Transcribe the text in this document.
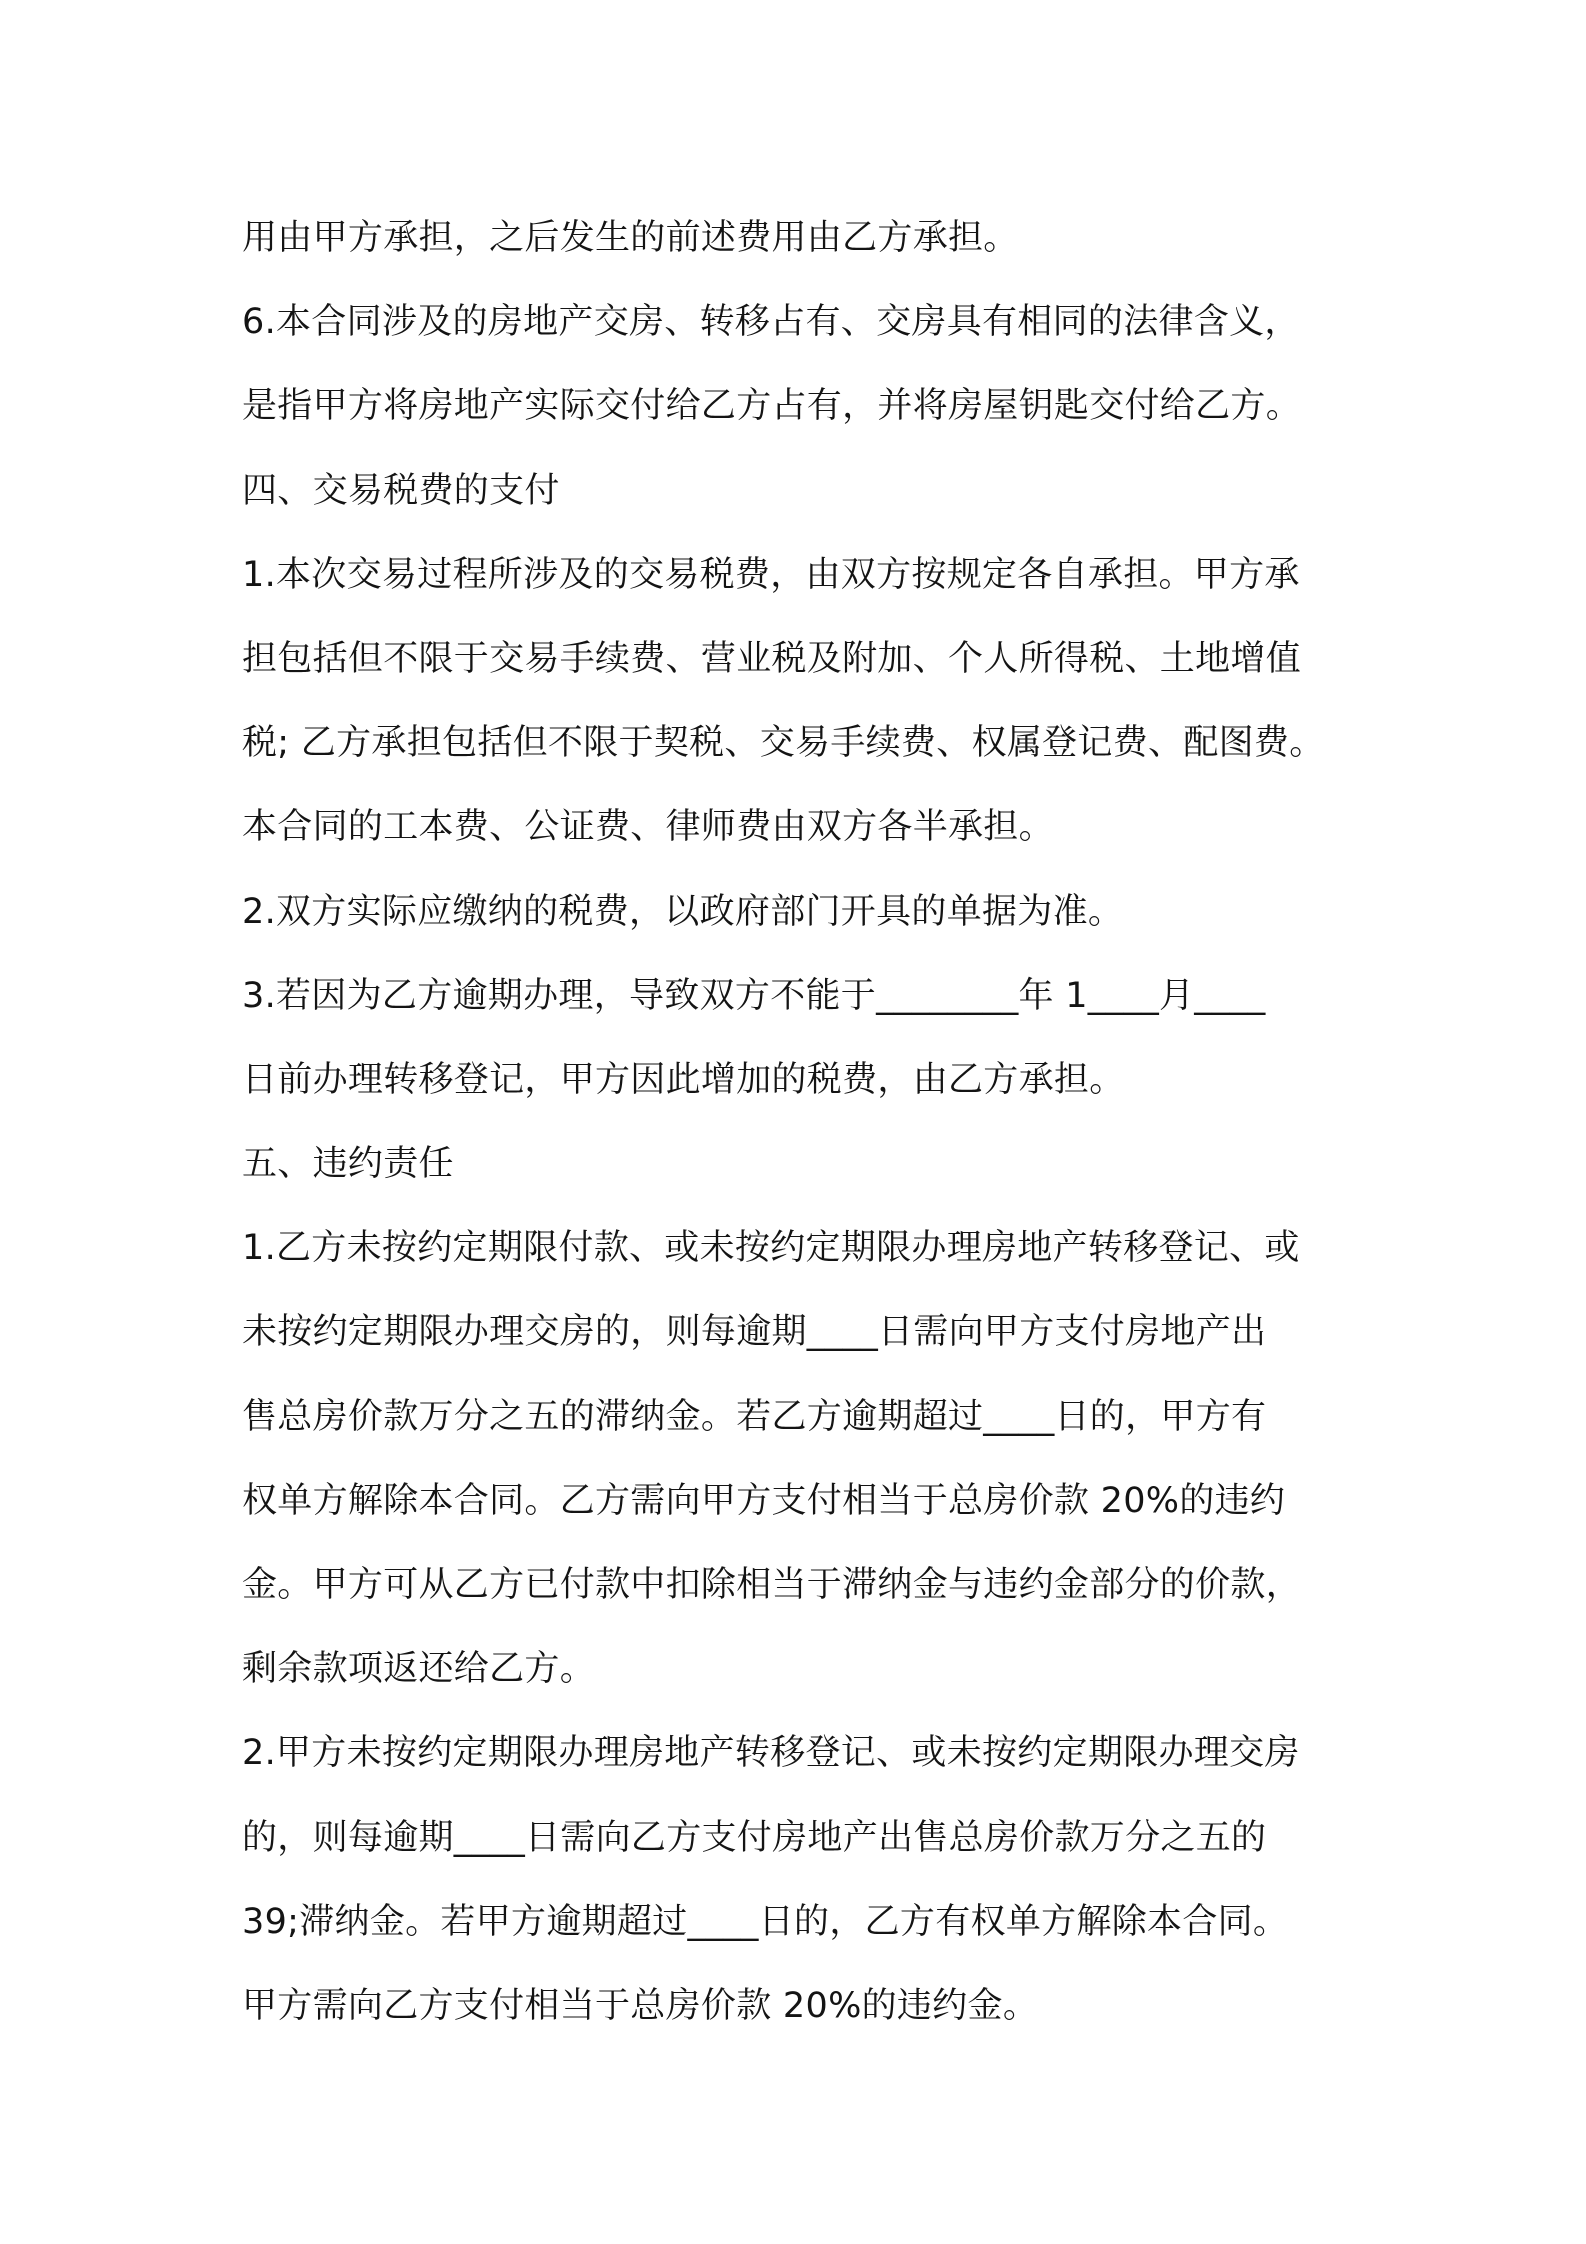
用由甲方承担，之后发生的前述费用由乙方承担。
6.本合同涉及的房地产交房、转移占有、交房具有相同的法律含义，
是指甲方将房地产实际交付给乙方占有，并将房屋钥匙交付给乙方。
四、交易税费的支付
1.本次交易过程所涉及的交易税费，由双方按规定各自承担。甲方承
担包括但不限于交易手续费、营业税及附加、个人所得税、土地增值
税; 乙方承担包括但不限于契税、交易手续费、权属登记费、配图费。
本合同的工本费、公证费、律师费由双方各半承担。
2.双方实际应缴纳的税费，以政府部门开具的单据为准。
3.若因为乙方逾期办理，导致双方不能于________年 1____月____
日前办理转移登记，甲方因此增加的税费，由乙方承担。
五、违约责任
1.乙方未按约定期限付款、或未按约定期限办理房地产转移登记、或
未按约定期限办理交房的，则每逾期____日需向甲方支付房地产出
售总房价款万分之五的滞纳金。若乙方逾期超过____日的，甲方有
权单方解除本合同。乙方需向甲方支付相当于总房价款 20%的违约
金。甲方可从乙方已付款中扣除相当于滞纳金与违约金部分的价款，
剩余款项返还给乙方。
2.甲方未按约定期限办理房地产转移登记、或未按约定期限办理交房
的，则每逾期____日需向乙方支付房地产出售总房价款万分之五的
39;滞纳金。若甲方逾期超过____日的，乙方有权单方解除本合同。
甲方需向乙方支付相当于总房价款 20%的违约金。
